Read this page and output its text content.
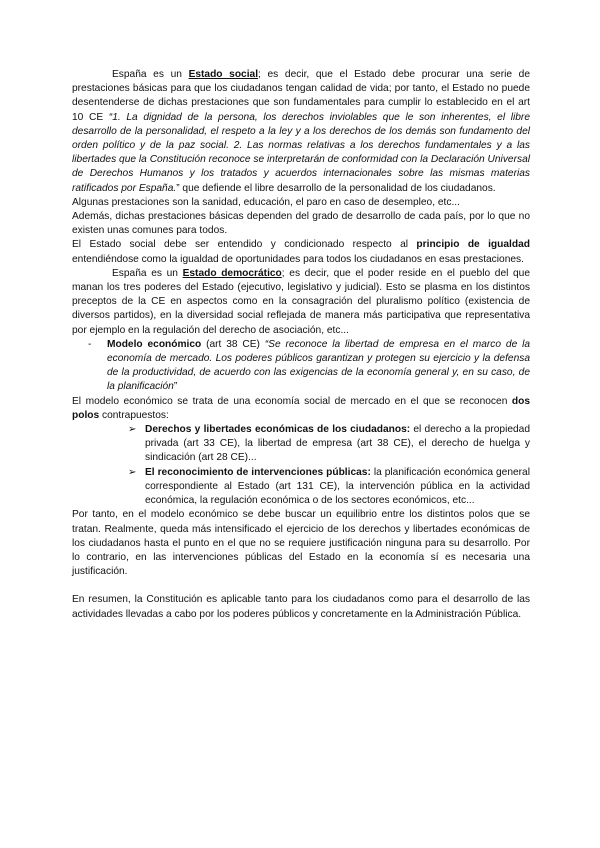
España es un Estado social; es decir, que el Estado debe procurar una serie de prestaciones básicas para que los ciudadanos tengan calidad de vida; por tanto, el Estado no puede desentenderse de dichas prestaciones que son fundamentales para cumplir lo establecido en el art 10 CE “1. La dignidad de la persona, los derechos inviolables que le son inherentes, el libre desarrollo de la personalidad, el respeto a la ley y a los derechos de los demás son fundamento del orden político y de la paz social. 2. Las normas relativas a los derechos fundamentales y a las libertades que la Constitución reconoce se interpretarán de conformidad con la Declaración Universal de Derechos Humanos y los tratados y acuerdos internacionales sobre las mismas materias ratificados por España.” que defiende el libre desarrollo de la personalidad de los ciudadanos.

Algunas prestaciones son la sanidad, educación, el paro en caso de desempleo, etc...

Además, dichas prestaciones básicas dependen del grado de desarrollo de cada país, por lo que no existen unas comunes para todos.

El Estado social debe ser entendido y condicionado respecto al principio de igualdad entendiéndose como la igualdad de oportunidades para todos los ciudadanos en esas prestaciones.

España es un Estado democrático; es decir, que el poder reside en el pueblo del que manan los tres poderes del Estado (ejecutivo, legislativo y judicial). Esto se plasma en los distintos preceptos de la CE en aspectos como en la consagración del pluralismo político (existencia de diversos partidos), en la diversidad social reflejada de manera más participativa que representativa por ejemplo en la regulación del derecho de asociación, etc...

- Modelo económico (art 38 CE) “Se reconoce la libertad de empresa en el marco de la economía de mercado. Los poderes públicos garantizan y protegen su ejercicio y la defensa de la productividad, de acuerdo con las exigencias de la economía general y, en su caso, de la planificación”

El modelo económico se trata de una economía social de mercado en el que se reconocen dos polos contrapuestos:

➢ Derechos y libertades económicas de los ciudadanos: el derecho a la propiedad privada (art 33 CE), la libertad de empresa (art 38 CE), el derecho de huelga y sindicación (art 28 CE)...

➢ El reconocimiento de intervenciones públicas: la planificación económica general correspondiente al Estado (art 131 CE), la intervención pública en la actividad económica, la regulación económica o de los sectores económicos, etc...

Por tanto, en el modelo económico se debe buscar un equilibrio entre los distintos polos que se tratan. Realmente, queda más intensificado el ejercicio de los derechos y libertades económicas de los ciudadanos hasta el punto en el que no se requiere justificación ninguna para su desarrollo. Por lo contrario, en las intervenciones públicas del Estado en la economía sí es necesaria una justificación.

En resumen, la Constitución es aplicable tanto para los ciudadanos como para el desarrollo de las actividades llevadas a cabo por los poderes públicos y concretamente en la Administración Pública.
